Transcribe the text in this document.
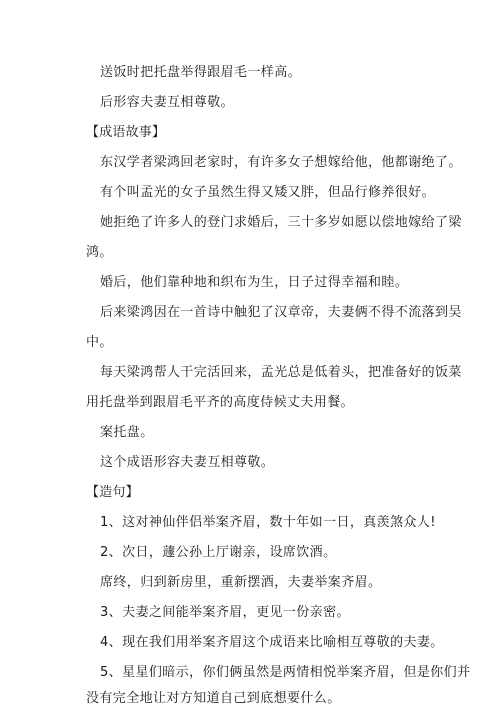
送饭时把托盘举得跟眉毛一样高。
后形容夫妻互相尊敬。
【成语故事】
东汉学者梁鸿回老家时，有许多女子想嫁给他，他都谢绝了。
有个叫孟光的女子虽然生得又矮又胖，但品行修养很好。
她拒绝了许多人的登门求婚后，三十多岁如愿以偿地嫁给了梁
鸿。
婚后，他们靠种地和织布为生，日子过得幸福和睦。
后来梁鸿因在一首诗中触犯了汉章帝，夫妻俩不得不流落到吴
中。
每天梁鸿帮人干完活回来，孟光总是低着头，把准备好的饭菜
用托盘举到跟眉毛平齐的高度侍候丈夫用餐。
案托盘。
这个成语形容夫妻互相尊敬。
【造句】
1、这对神仙伴侣举案齐眉，数十年如一日，真羡煞众人!
2、次日，蘧公孙上厅谢亲，设席饮酒。
席终，归到新房里，重新摆酒，夫妻举案齐眉。
3、夫妻之间能举案齐眉，更见一份亲密。
4、现在我们用举案齐眉这个成语来比喻相互尊敬的夫妻。
5、星星们暗示，你们俩虽然是两情相悦举案齐眉，但是你们并
没有完全地让对方知道自己到底想要什么。
